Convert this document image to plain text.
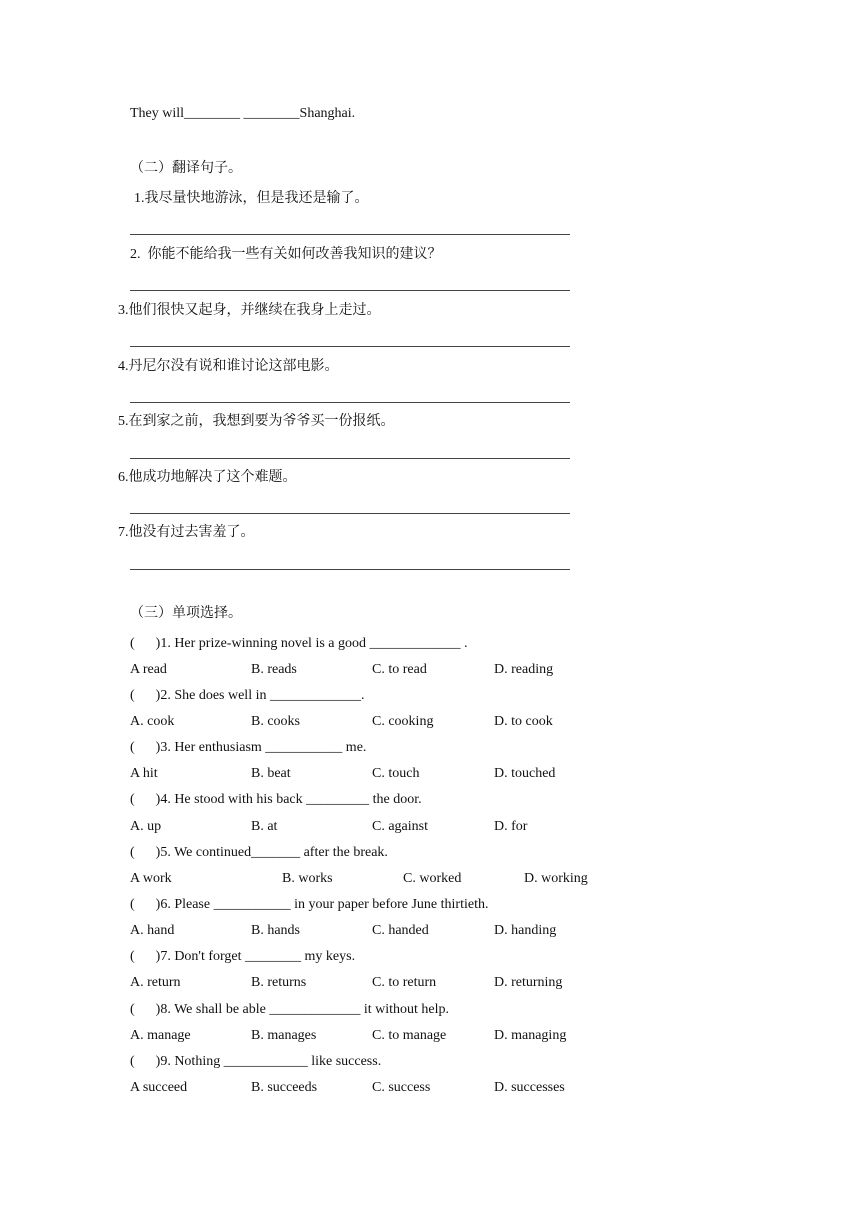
They will________ ________Shanghai.
（二）翻译句子。
1.我尽量快地游泳，但是我还是输了。
2.  你能不能给我一些有关如何改善我知识的建议？
3.他们很快又起身，并继续在我身上走过。
4.丹尼尔没有说和谁讨论这部电影。
5.在到家之前，我想到要为爷爷买一份报纸。
6.他成功地解决了这个难题。
7.他没有过去害羞了。
（三）单项选择。
(      )1. Her prize-winning novel is a good _____________ .
A read	B. reads	C. to read	D. reading
(      )2. She does well in _____________.
A. cook	B. cooks	C. cooking	D. to cook
(      )3. Her enthusiasm ___________ me.
A hit	B. beat	C. touch	D. touched
(      )4. He stood with his back _________ the door.
A. up	B. at	C. against	D. for
(      )5. We continued_______ after the break.
A work	B. works	C. worked	D. working
(      )6. Please ___________ in your paper before June thirtieth.
A. hand	B. hands	C. handed	D. handing
(      )7. Don't forget ________ my keys.
A. return	B. returns	C. to return	D. returning
(      )8. We shall be able _____________ it without help.
A. manage	B. manages	C. to manage	D. managing
(      )9. Nothing ____________ like success.
A succeed	B. succeeds	C. success	D. successes
